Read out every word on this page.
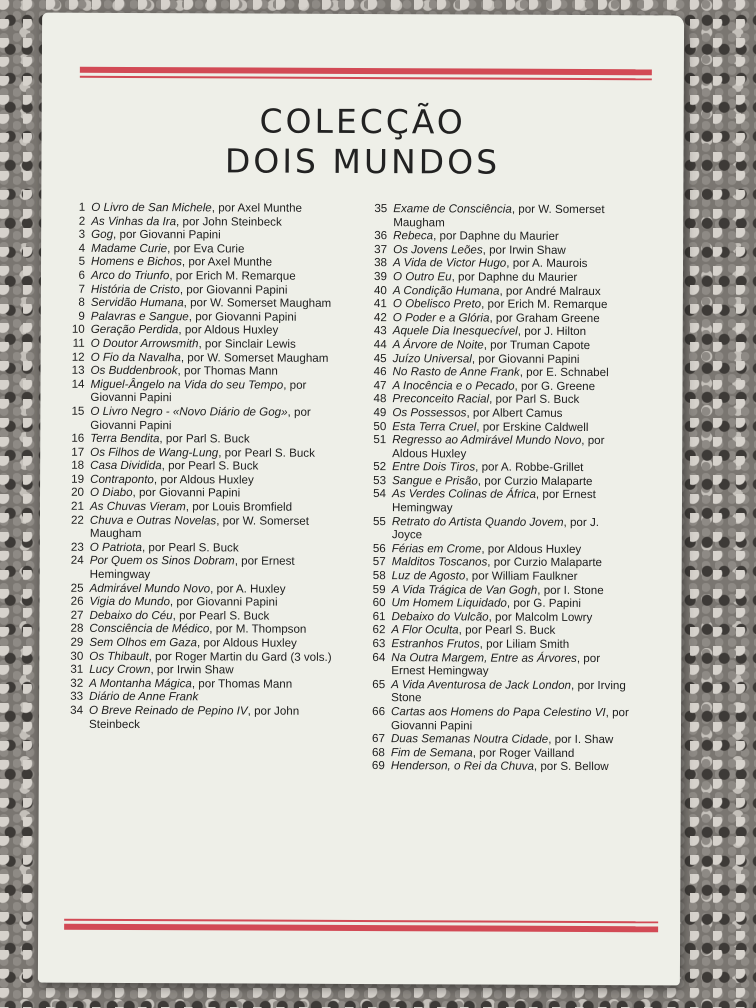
COLECÇÃO
DOIS MUNDOS
1 O Livro de San Michele, por Axel Munthe
2 As Vinhas da Ira, por John Steinbeck
3 Gog, por Giovanni Papini
4 Madame Curie, por Eva Curie
5 Homens e Bichos, por Axel Munthe
6 Arco do Triunfo, por Erich M. Remarque
7 História de Cristo, por Giovanni Papini
8 Servidão Humana, por W. Somerset Maugham
9 Palavras e Sangue, por Giovanni Papini
10 Geração Perdida, por Aldous Huxley
11 O Doutor Arrowsmith, por Sinclair Lewis
12 O Fio da Navalha, por W. Somerset Maugham
13 Os Buddenbrook, por Thomas Mann
14 Miguel-Ângelo na Vida do seu Tempo, por Giovanni Papini
15 O Livro Negro - «Novo Diário de Gog», por Giovanni Papini
16 Terra Bendita, por Parl S. Buck
17 Os Filhos de Wang-Lung, por Pearl S. Buck
18 Casa Dividida, por Pearl S. Buck
19 Contraponto, por Aldous Huxley
20 O Diabo, por Giovanni Papini
21 As Chuvas Vieram, por Louis Bromfield
22 Chuva e Outras Novelas, por W. Somerset Maugham
23 O Patriota, por Pearl S. Buck
24 Por Quem os Sinos Dobram, por Ernest Hemingway
25 Admirável Mundo Novo, por A. Huxley
26 Vigia do Mundo, por Giovanni Papini
27 Debaixo do Céu, por Pearl S. Buck
28 Consciência de Médico, por M. Thompson
29 Sem Olhos em Gaza, por Aldous Huxley
30 Os Thibault, por Roger Martin du Gard (3 vols.)
31 Lucy Crown, por Irwin Shaw
32 A Montanha Mágica, por Thomas Mann
33 Diário de Anne Frank
34 O Breve Reinado de Pepino IV, por John Steinbeck
35 Exame de Consciência, por W. Somerset Maugham
36 Rebeca, por Daphne du Maurier
37 Os Jovens Leões, por Irwin Shaw
38 A Vida de Victor Hugo, por A. Maurois
39 O Outro Eu, por Daphne du Maurier
40 A Condição Humana, por André Malraux
41 O Obelisco Preto, por Erich M. Remarque
42 O Poder e a Glória, por Graham Greene
43 Aquele Dia Inesquecível, por J. Hilton
44 A Árvore de Noite, por Truman Capote
45 Juízo Universal, por Giovanni Papini
46 No Rasto de Anne Frank, por E. Schnabel
47 A Inocência e o Pecado, por G. Greene
48 Preconceito Racial, por Parl S. Buck
49 Os Possessos, por Albert Camus
50 Esta Terra Cruel, por Erskine Caldwell
51 Regresso ao Admirável Mundo Novo, por Aldous Huxley
52 Entre Dois Tiros, por A. Robbe-Grillet
53 Sangue e Prisão, por Curzio Malaparte
54 As Verdes Colinas de África, por Ernest Hemingway
55 Retrato do Artista Quando Jovem, por J. Joyce
56 Férias em Crome, por Aldous Huxley
57 Malditos Toscanos, por Curzio Malaparte
58 Luz de Agosto, por William Faulkner
59 A Vida Trágica de Van Gogh, por I. Stone
60 Um Homem Liquidado, por G. Papini
61 Debaixo do Vulcão, por Malcolm Lowry
62 A Flor Oculta, por Pearl S. Buck
63 Estranhos Frutos, por Liliam Smith
64 Na Outra Margem, Entre as Árvores, por Ernest Hemingway
65 A Vida Aventurosa de Jack London, por Irving Stone
66 Cartas aos Homens do Papa Celestino VI, por Giovanni Papini
67 Duas Semanas Noutra Cidade, por I. Shaw
68 Fim de Semana, por Roger Vailland
69 Henderson, o Rei da Chuva, por S. Bellow
